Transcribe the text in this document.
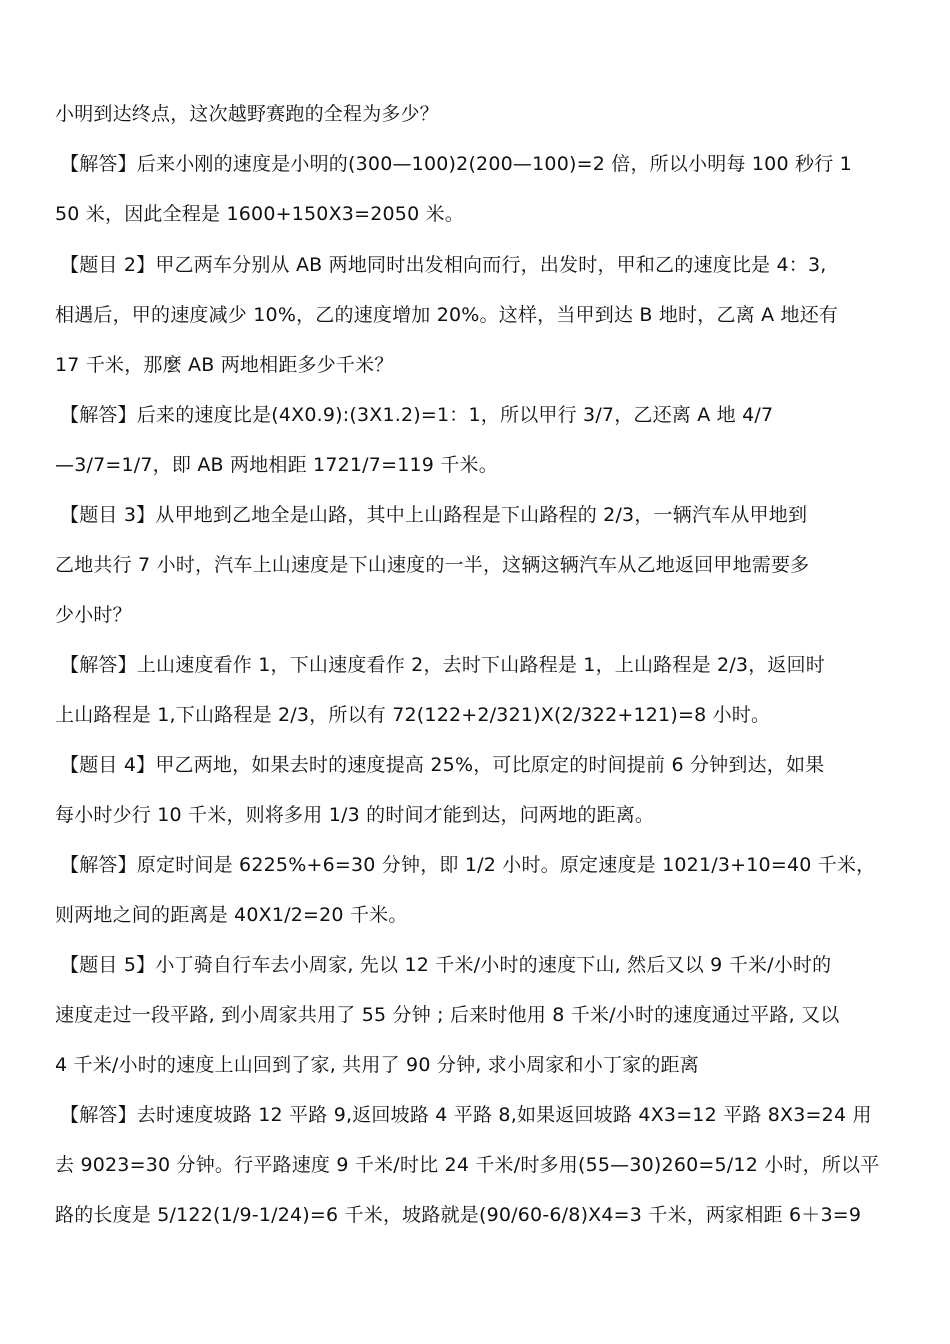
小明到达终点，这次越野赛跑的全程为多少？
【解答】后来小刚的速度是小明的(300—100)2(200—100)=2 倍，所以小明每 100 秒行 1
50 米，因此全程是 1600+150X3=2050 米。
【题目 2】甲乙两车分别从 AB 两地同时出发相向而行，出发时，甲和乙的速度比是 4：3,
相遇后，甲的速度减少 10%，乙的速度增加 20%。这样，当甲到达 B 地时，乙离 A 地还有
17 千米，那麼 AB 两地相距多少千米？
【解答】后来的速度比是(4X0.9):(3X1.2)=1：1，所以甲行 3/7，乙还离 A 地 4/7
—3/7=1/7，即 AB 两地相距 1721/7=119 千米。
【题目 3】从甲地到乙地全是山路，其中上山路程是下山路程的 2/3，一辆汽车从甲地到
乙地共行 7 小时，汽车上山速度是下山速度的一半，这辆这辆汽车从乙地返回甲地需要多
少小时？
【解答】上山速度看作 1，下山速度看作 2，去时下山路程是 1，上山路程是 2/3，返回时
上山路程是 1,下山路程是 2/3，所以有 72(122+2/321)X(2/322+121)=8 小时。
【题目 4】甲乙两地，如果去时的速度提高 25%，可比原定的时间提前 6 分钟到达，如果
每小时少行 10 千米，则将多用 1/3 的时间才能到达，问两地的距离。
【解答】原定时间是 6225%+6=30 分钟，即 1/2 小时。原定速度是 1021/3+10=40 千米，
则两地之间的距离是 40X1/2=20 千米。
【题目 5】小丁骑自行车去小周家, 先以 12 千米/小时的速度下山, 然后又以 9 千米/小时的
速度走过一段平路, 到小周家共用了 55 分钟 ; 后来时他用 8 千米/小时的速度通过平路, 又以
4 千米/小时的速度上山回到了家, 共用了 90 分钟, 求小周家和小丁家的距离
【解答】去时速度坡路 12 平路 9,返回坡路 4 平路 8,如果返回坡路 4X3=12 平路 8X3=24 用
去 9023=30 分钟。行平路速度 9 千米/时比 24 千米/时多用(55—30)260=5/12 小时，所以平
路的长度是 5/122(1/9-1/24)=6 千米，坡路就是(90/60-6/8)X4=3 千米，两家相距 6＋3=9
